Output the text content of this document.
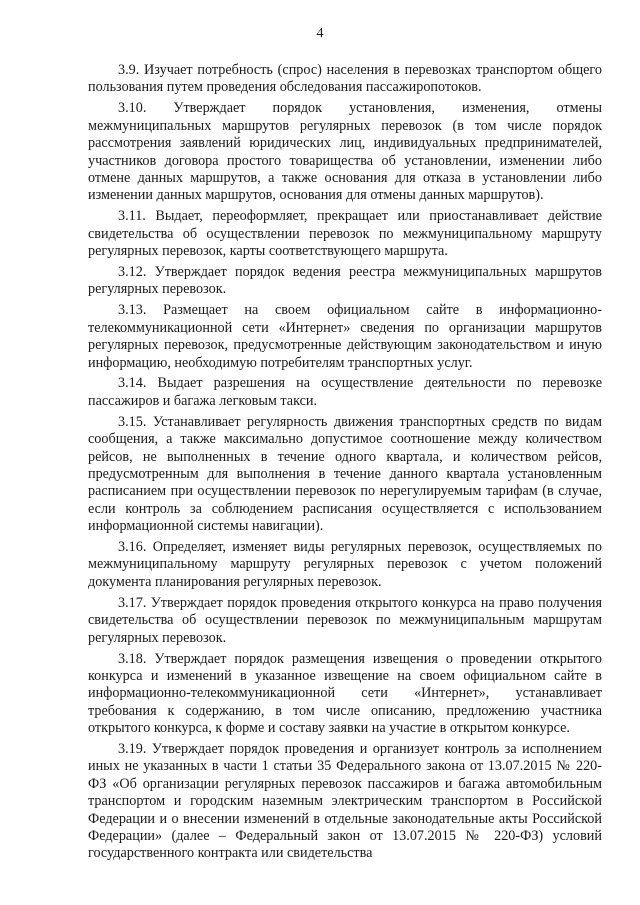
4

3.9. Изучает потребность (спрос) населения в перевозках транспортом общего пользования путем проведения обследования пассажиропотоков.

3.10. Утверждает порядок установления, изменения, отмены межмуниципальных маршрутов регулярных перевозок (в том числе порядок рассмотрения заявлений юридических лиц, индивидуальных предпринимателей, участников договора простого товарищества об установлении, изменении либо отмене данных маршрутов, а также основания для отказа в установлении либо изменении данных маршрутов, основания для отмены данных маршрутов).

3.11. Выдает, переоформляет, прекращает или приостанавливает действие свидетельства об осуществлении перевозок по межмуниципальному маршруту регулярных перевозок, карты соответствующего маршрута.

3.12. Утверждает порядок ведения реестра межмуниципальных маршрутов регулярных перевозок.

3.13. Размещает на своем официальном сайте в информационно-телекоммуникационной сети «Интернет» сведения по организации маршрутов регулярных перевозок, предусмотренные действующим законодательством и иную информацию, необходимую потребителям транспортных услуг.

3.14. Выдает разрешения на осуществление деятельности по перевозке пассажиров и багажа легковым такси.

3.15. Устанавливает регулярность движения транспортных средств по видам сообщения, а также максимально допустимое соотношение между количеством рейсов, не выполненных в течение одного квартала, и количеством рейсов, предусмотренным для выполнения в течение данного квартала установленным расписанием при осуществлении перевозок по нерегулируемым тарифам (в случае, если контроль за соблюдением расписания осуществляется с использованием информационной системы навигации).

3.16. Определяет, изменяет виды регулярных перевозок, осуществляемых по межмуниципальному маршруту регулярных перевозок с учетом положений документа планирования регулярных перевозок.

3.17. Утверждает порядок проведения открытого конкурса на право получения свидетельства об осуществлении перевозок по межмуниципальным маршрутам регулярных перевозок.

3.18. Утверждает порядок размещения извещения о проведении открытого конкурса и изменений в указанное извещение на своем официальном сайте в информационно-телекоммуникационной сети «Интернет», устанавливает требования к содержанию, в том числе описанию, предложению участника открытого конкурса, к форме и составу заявки на участие в открытом конкурсе.

3.19. Утверждает порядок проведения и организует контроль за исполнением иных не указанных в части 1 статьи 35 Федерального закона от 13.07.2015 № 220-ФЗ «Об организации регулярных перевозок пассажиров и багажа автомобильным транспортом и городским наземным электрическим транспортом в Российской Федерации и о внесении изменений в отдельные законодательные акты Российской Федерации» (далее – Федеральный закон от 13.07.2015 № 220-ФЗ) условий государственного контракта или свидетельства
